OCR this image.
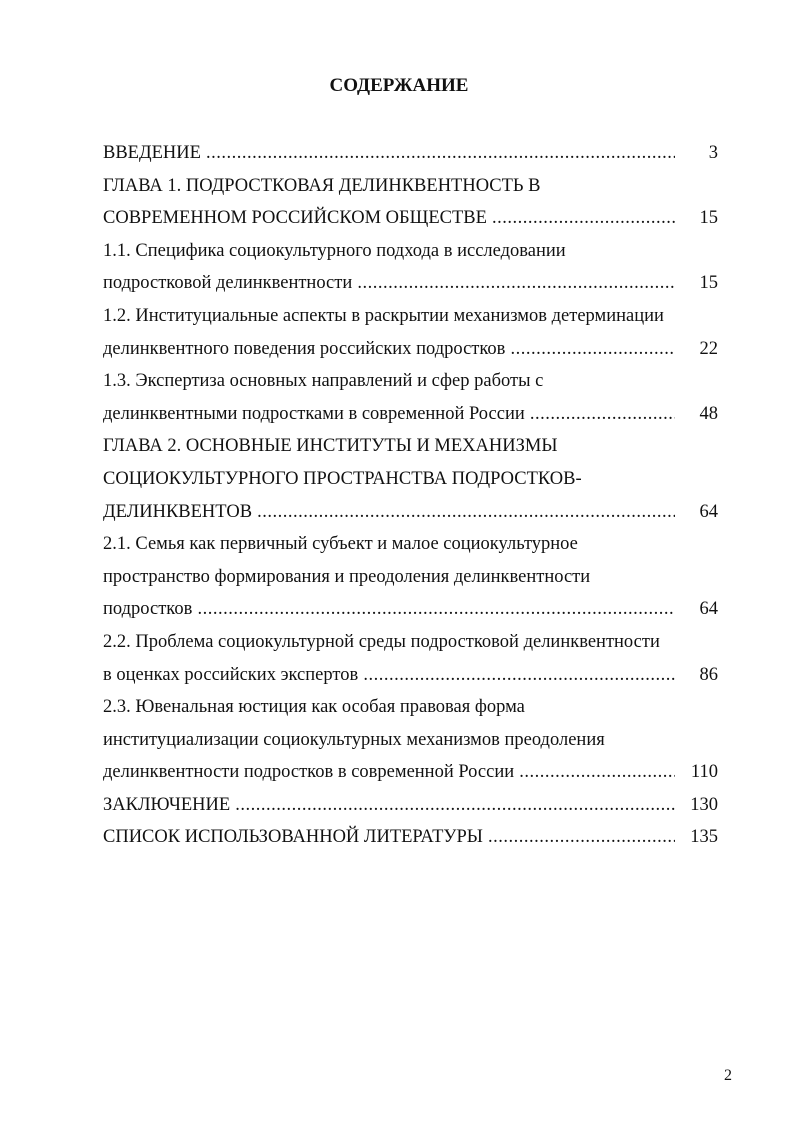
СОДЕРЖАНИЕ
ВВЕДЕНИЕ .....	3
ГЛАВА 1. ПОДРОСТКОВАЯ ДЕЛИНКВЕНТНОСТЬ В
СОВРЕМЕННОМ РОССИЙСКОМ ОБЩЕСТВЕ .....	15
1.1. Специфика социокультурного подхода в исследовании
подростковой делинквентности .....	15
1.2. Институциальные аспекты в раскрытии механизмов детерминации
делинквентного поведения российских подростков .....	22
1.3. Экспертиза основных направлений и сфер работы с
делинквентными подростками в современной России .....	48
ГЛАВА 2. ОСНОВНЫЕ ИНСТИТУТЫ И МЕХАНИЗМЫ
СОЦИОКУЛЬТУРНОГО ПРОСТРАНСТВА ПОДРОСТКОВ-
ДЕЛИНКВЕНТОВ .....	64
2.1. Семья как первичный субъект и малое социокультурное
пространство формирования и преодоления делинквентности
подростков .....	64
2.2. Проблема социокультурной среды подростковой делинквентности
в оценках российских экспертов .....	86
2.3. Ювенальная юстиция как особая правовая форма
институциализации социокультурных механизмов преодоления
делинквентности подростков в современной России .....	110
ЗАКЛЮЧЕНИЕ .....	130
СПИСОК ИСПОЛЬЗОВАННОЙ ЛИТЕРАТУРЫ .....	135
2
